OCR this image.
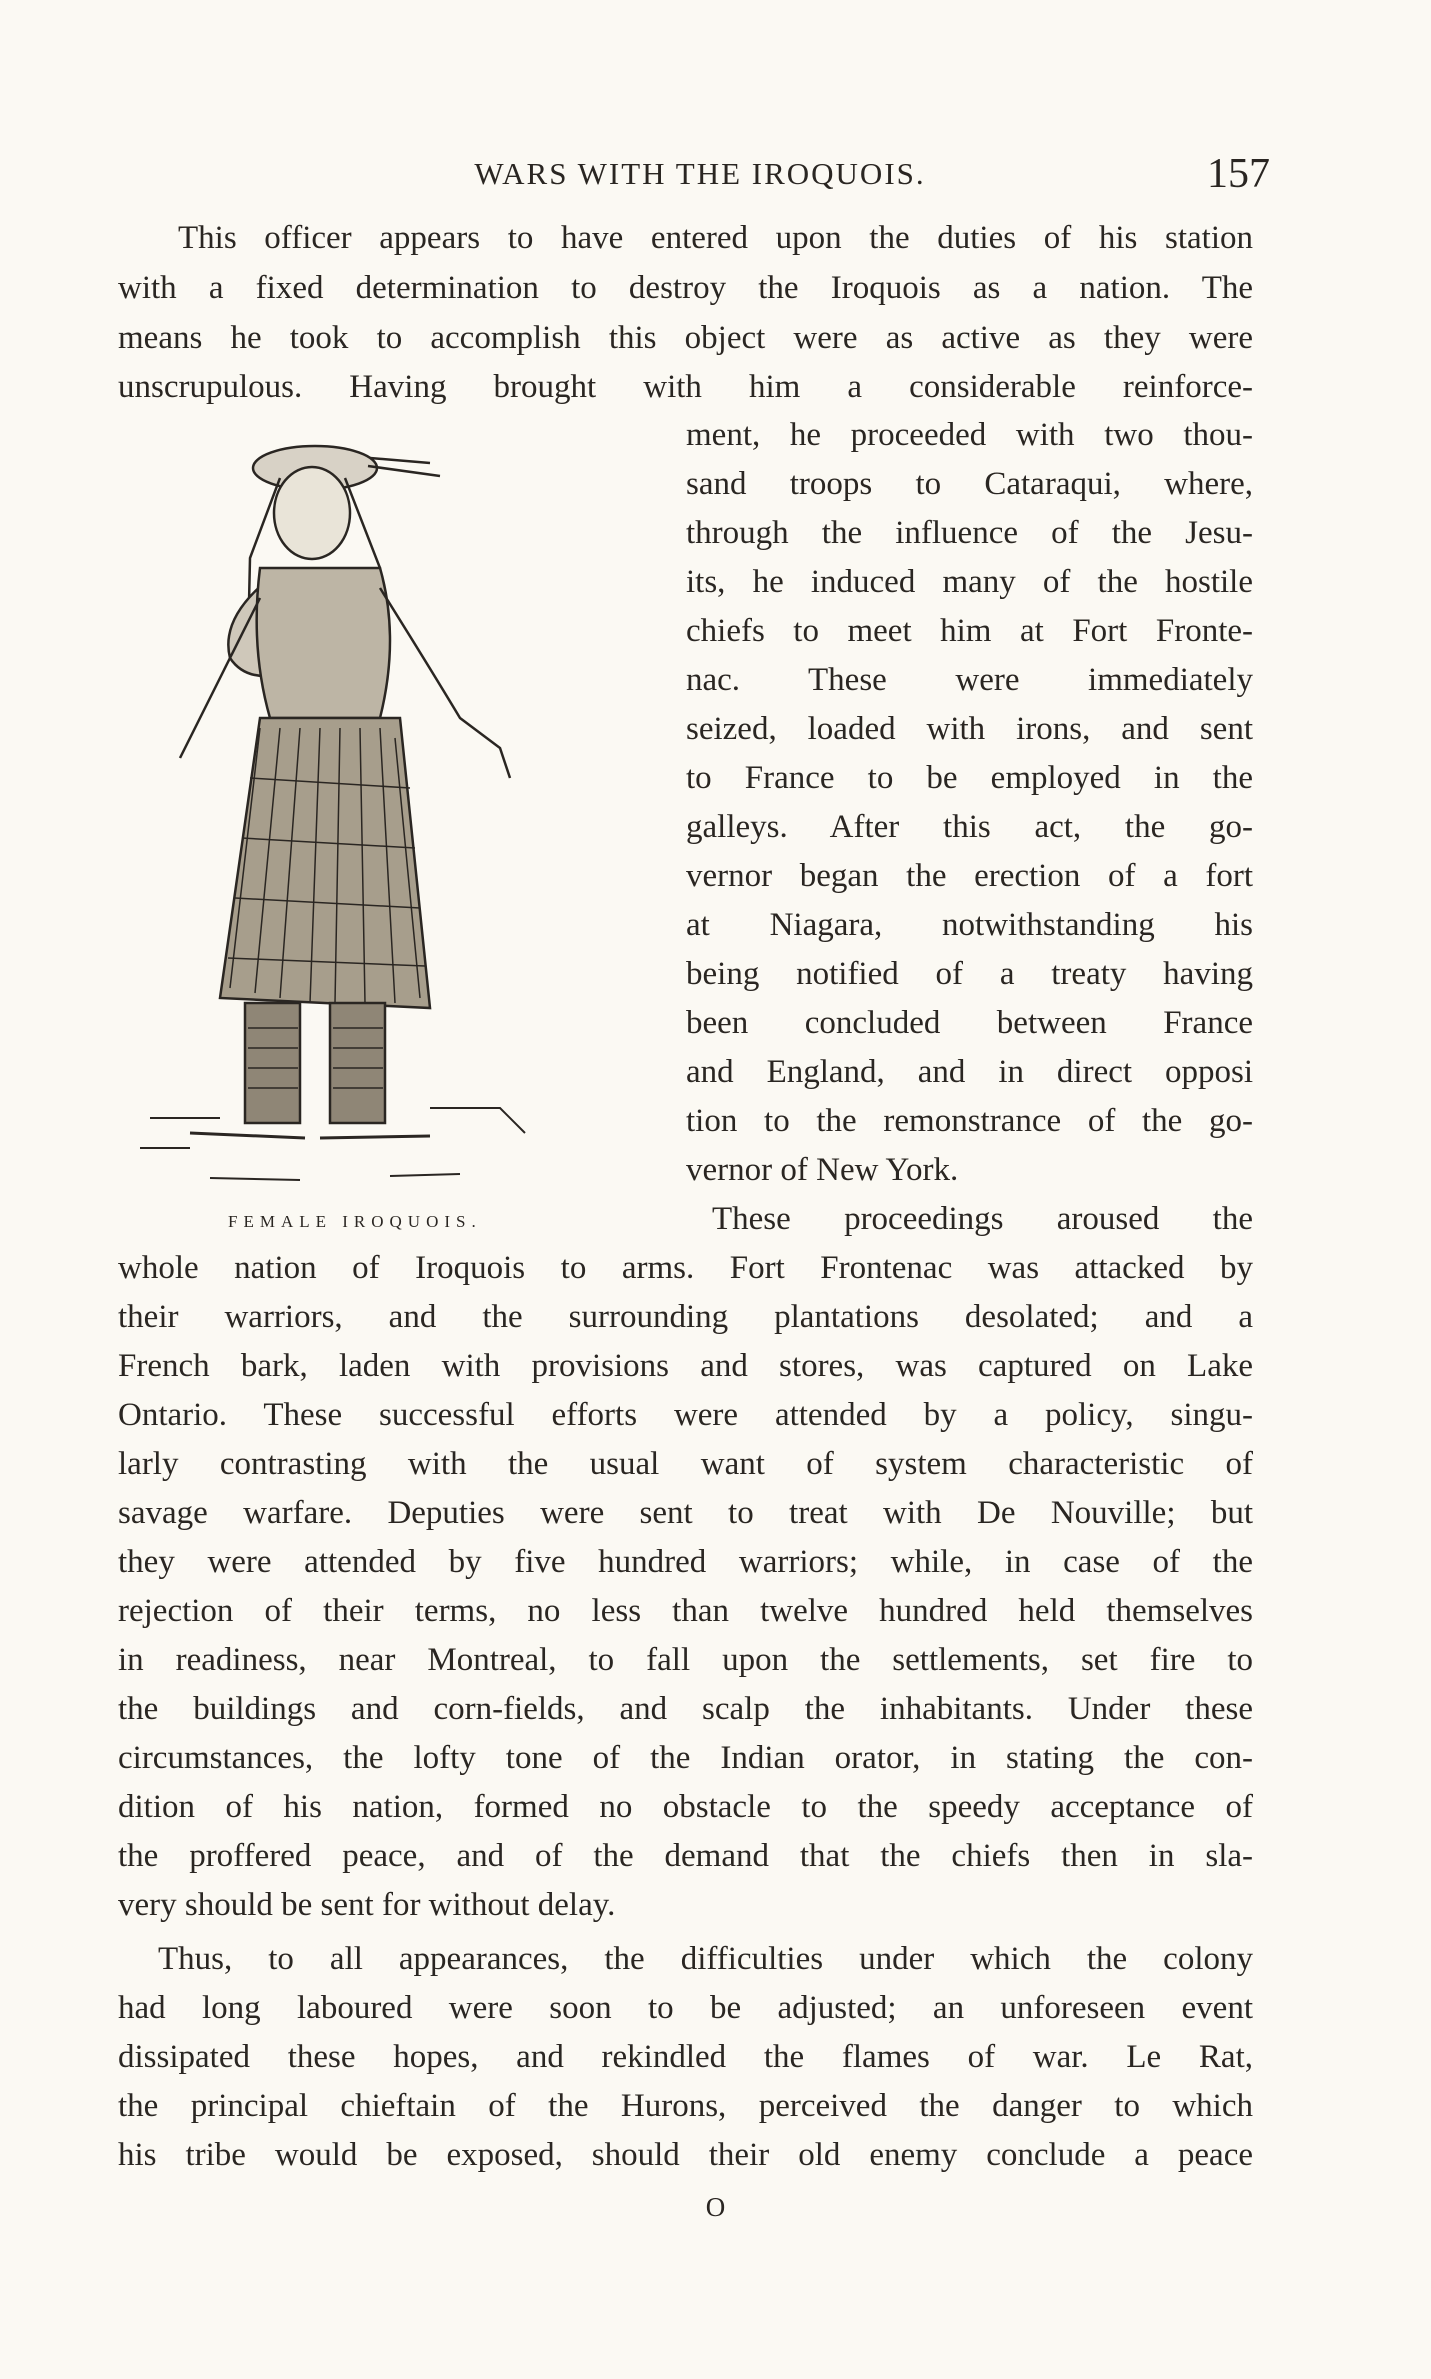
WARS WITH THE IROQUOIS.	157
This officer appears to have entered upon the duties of his station
with a fixed determination to destroy the Iroquois as a nation. The
means he took to accomplish this object were as active as they were
unscrupulous. Having brought with him a considerable reinforce-
ment, he proceeded with two thou-
sand troops to Cataraqui, where,
through the influence of the Jesu-
its, he induced many of the hostile
chiefs to meet him at Fort Fronte-
nac. These were immediately
seized, loaded with irons, and sent
to France to be employed in the
galleys. After this act, the go-
vernor began the erection of a fort
at Niagara, notwithstanding his
being notified of a treaty having
been concluded between France
and England, and in direct opposi
tion to the remonstrance of the go-
vernor of New York.
These proceedings aroused the
whole nation of Iroquois to arms. Fort Frontenac was attacked by
their warriors, and the surrounding plantations desolated; and a
French bark, laden with provisions and stores, was captured on Lake
Ontario. These successful efforts were attended by a policy, singu-
larly contrasting with the usual want of system characteristic of
savage warfare. Deputies were sent to treat with De Nouville; but
they were attended by five hundred warriors; while, in case of the
rejection of their terms, no less than twelve hundred held themselves
in readiness, near Montreal, to fall upon the settlements, set fire to
the buildings and corn-fields, and scalp the inhabitants. Under these
circumstances, the lofty tone of the Indian orator, in stating the con-
dition of his nation, formed no obstacle to the speedy acceptance of
the proffered peace, and of the demand that the chiefs then in sla-
very should be sent for without delay.
Thus, to all appearances, the difficulties under which the colony
had long laboured were soon to be adjusted; an unforeseen event
dissipated these hopes, and rekindled the flames of war. Le Rat,
the principal chieftain of the Hurons, perceived the danger to which
his tribe would be exposed, should their old enemy conclude a peace
FEMALE IROQUOIS.
O
